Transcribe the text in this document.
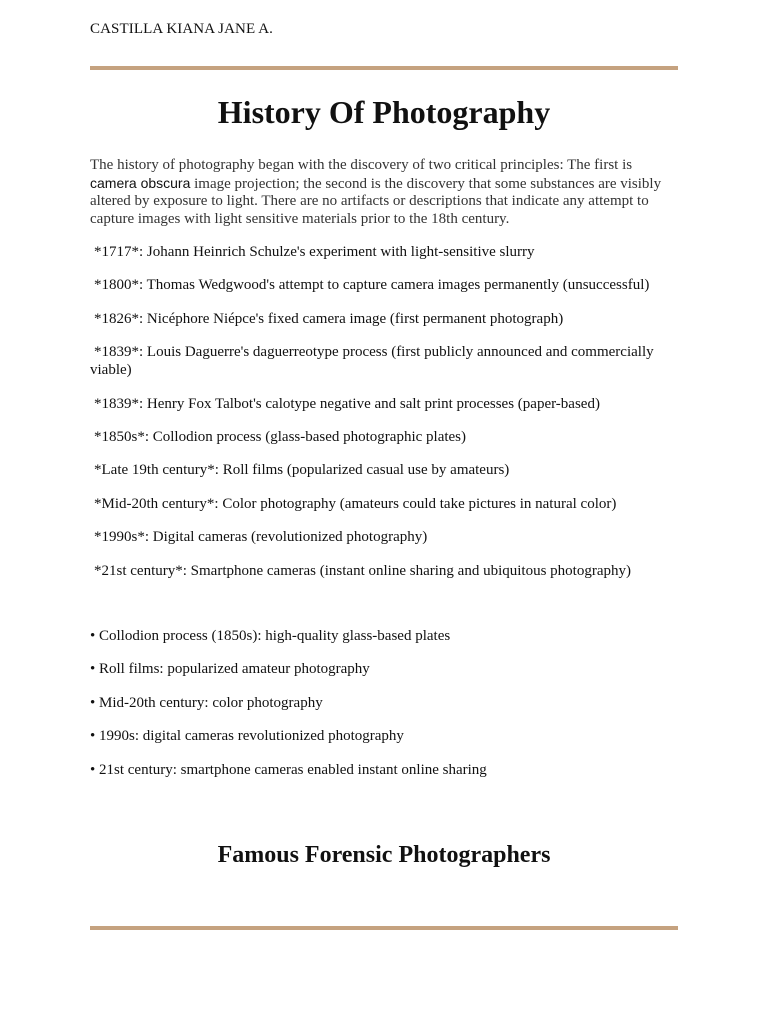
CASTILLA KIANA JANE A.
History Of Photography

The history of photography began with the discovery of two critical principles: The first is
camera obscura image projection; the second is the discovery that some substances are visibly altered by exposure to light. There are no artifacts or descriptions that indicate any attempt to capture images with light sensitive materials prior to the 18th century.

*1717*: Johann Heinrich Schulze's experiment with light-sensitive slurry
*1800*: Thomas Wedgwood's attempt to capture camera images permanently (unsuccessful)
*1826*: Nicéphore Niépce's fixed camera image (first permanent photograph)
*1839*: Louis Daguerre's daguerreotype process (first publicly announced and commercially viable)
*1839*: Henry Fox Talbot's calotype negative and salt print processes (paper-based)
*1850s*: Collodion process (glass-based photographic plates)
*Late 19th century*: Roll films (popularized casual use by amateurs)
*Mid-20th century*: Color photography (amateurs could take pictures in natural color)
*1990s*: Digital cameras (revolutionized photography)
*21st century*: Smartphone cameras (instant online sharing and ubiquitous photography)
• Collodion process (1850s): high-quality glass-based plates
• Roll films: popularized amateur photography
• Mid-20th century: color photography
• 1990s: digital cameras revolutionized photography
• 21st century: smartphone cameras enabled instant online sharing
Famous Forensic Photographers
